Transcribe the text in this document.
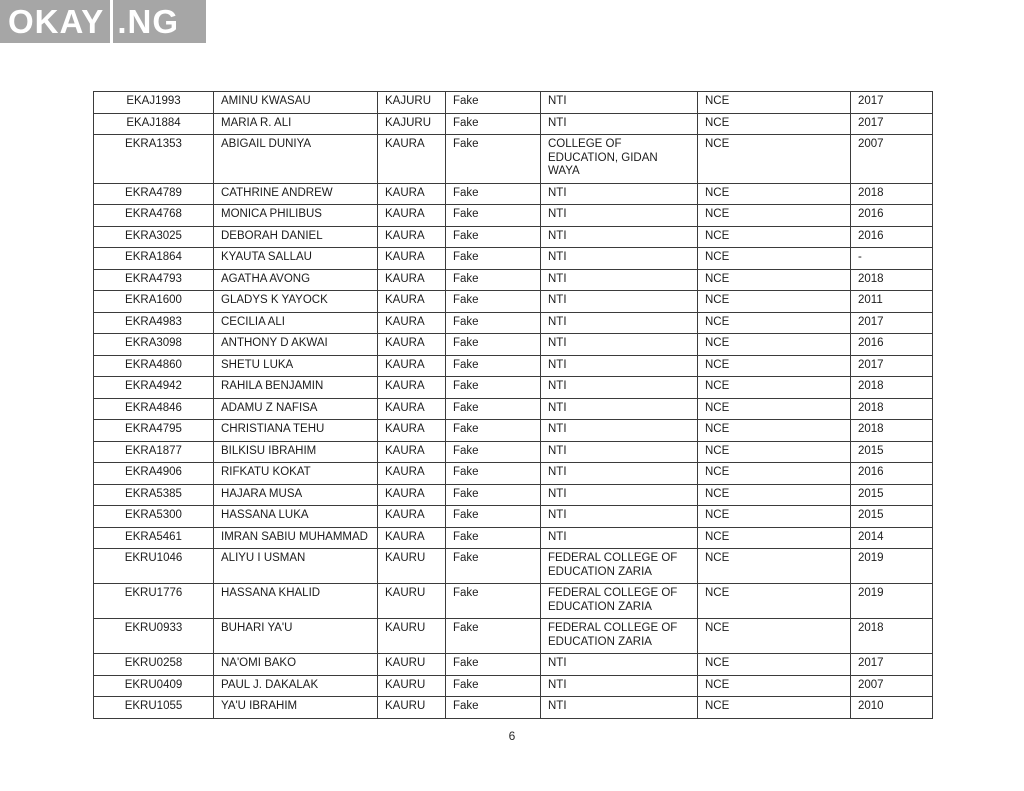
OKAY .NG
EKAJ1993	AMINU KWASAU	KAJURU	Fake	NTI	NCE	2017
EKAJ1884	MARIA R. ALI	KAJURU	Fake	NTI	NCE	2017
EKRA1353	ABIGAIL DUNIYA	KAURA	Fake	COLLEGE OF EDUCATION, GIDAN WAYA	NCE	2007
EKRA4789	CATHRINE ANDREW	KAURA	Fake	NTI	NCE	2018
EKRA4768	MONICA PHILIBUS	KAURA	Fake	NTI	NCE	2016
EKRA3025	DEBORAH DANIEL	KAURA	Fake	NTI	NCE	2016
EKRA1864	KYAUTA SALLAU	KAURA	Fake	NTI	NCE	-
EKRA4793	AGATHA AVONG	KAURA	Fake	NTI	NCE	2018
EKRA1600	GLADYS K YAYOCK	KAURA	Fake	NTI	NCE	2011
EKRA4983	CECILIA ALI	KAURA	Fake	NTI	NCE	2017
EKRA3098	ANTHONY D AKWAI	KAURA	Fake	NTI	NCE	2016
EKRA4860	SHETU LUKA	KAURA	Fake	NTI	NCE	2017
EKRA4942	RAHILA BENJAMIN	KAURA	Fake	NTI	NCE	2018
EKRA4846	ADAMU Z NAFISA	KAURA	Fake	NTI	NCE	2018
EKRA4795	CHRISTIANA TEHU	KAURA	Fake	NTI	NCE	2018
EKRA1877	BILKISU IBRAHIM	KAURA	Fake	NTI	NCE	2015
EKRA4906	RIFKATU KOKAT	KAURA	Fake	NTI	NCE	2016
EKRA5385	HAJARA MUSA	KAURA	Fake	NTI	NCE	2015
EKRA5300	HASSANA LUKA	KAURA	Fake	NTI	NCE	2015
EKRA5461	IMRAN SABIU MUHAMMAD	KAURA	Fake	NTI	NCE	2014
EKRU1046	ALIYU I USMAN	KAURU	Fake	FEDERAL COLLEGE OF EDUCATION ZARIA	NCE	2019
EKRU1776	HASSANA KHALID	KAURU	Fake	FEDERAL COLLEGE OF EDUCATION ZARIA	NCE	2019
EKRU0933	BUHARI YA'U	KAURU	Fake	FEDERAL COLLEGE OF EDUCATION ZARIA	NCE	2018
EKRU0258	NA'OMI BAKO	KAURU	Fake	NTI	NCE	2017
EKRU0409	PAUL J. DAKALAK	KAURU	Fake	NTI	NCE	2007
EKRU1055	YA'U IBRAHIM	KAURU	Fake	NTI	NCE	2010
6
